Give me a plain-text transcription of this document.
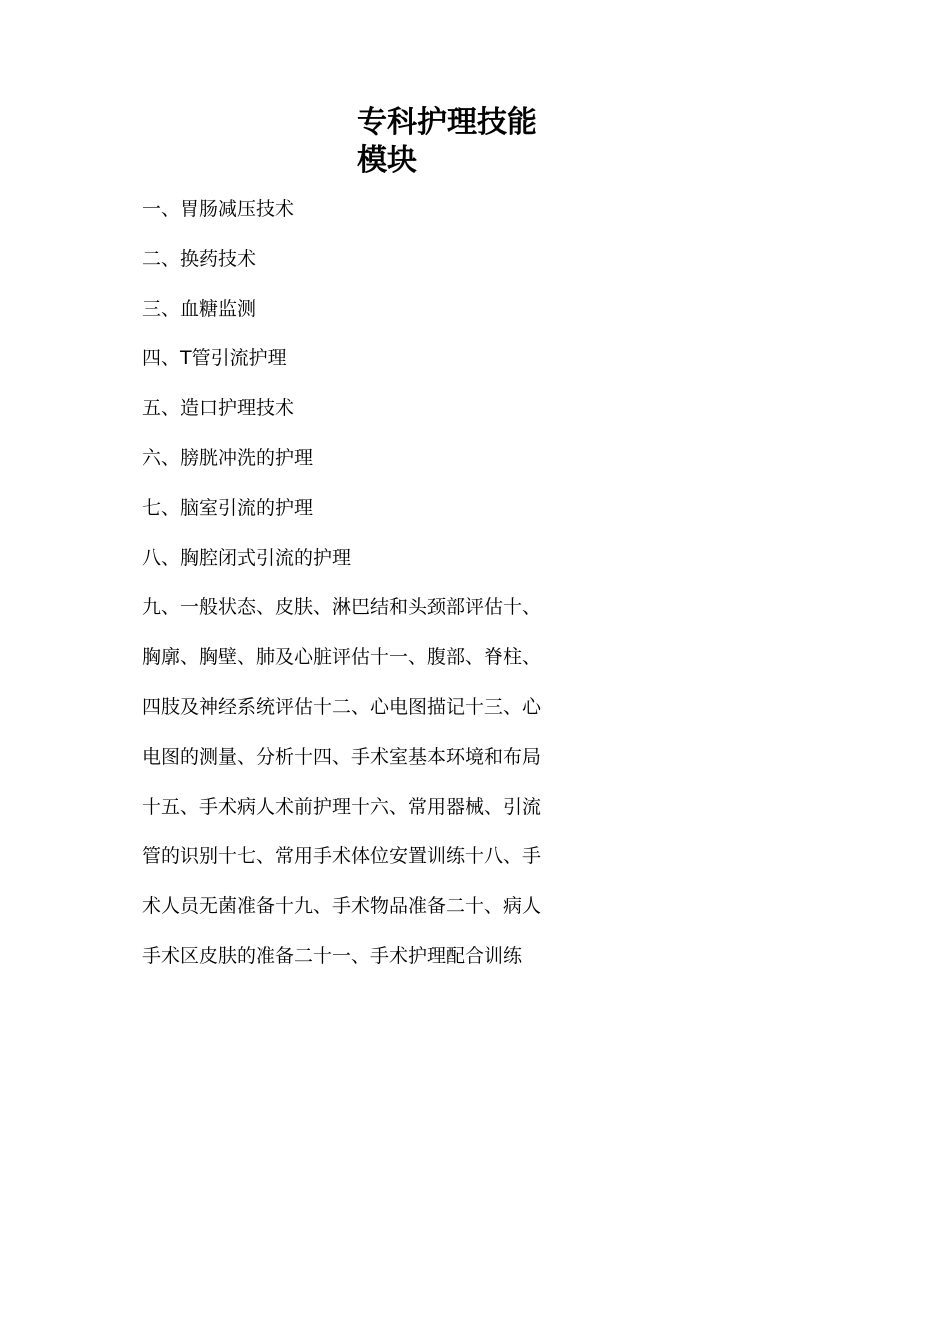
专科护理技能
模块
一、胃肠减压技术
二、换药技术
三、血糖监测
四、T管引流护理
五、造口护理技术
六、膀胱冲洗的护理
七、脑室引流的护理
八、胸腔闭式引流的护理
九、一般状态、皮肤、淋巴结和头颈部评估十、
胸廓、胸壁、肺及心脏评估十一、腹部、脊柱、
四肢及神经系统评估十二、心电图描记十三、心
电图的测量、分析十四、手术室基本环境和布局
十五、手术病人术前护理十六、常用器械、引流
管的识别十七、常用手术体位安置训练十八、手
术人员无菌准备十九、手术物品准备二十、病人
手术区皮肤的准备二十一、手术护理配合训练
